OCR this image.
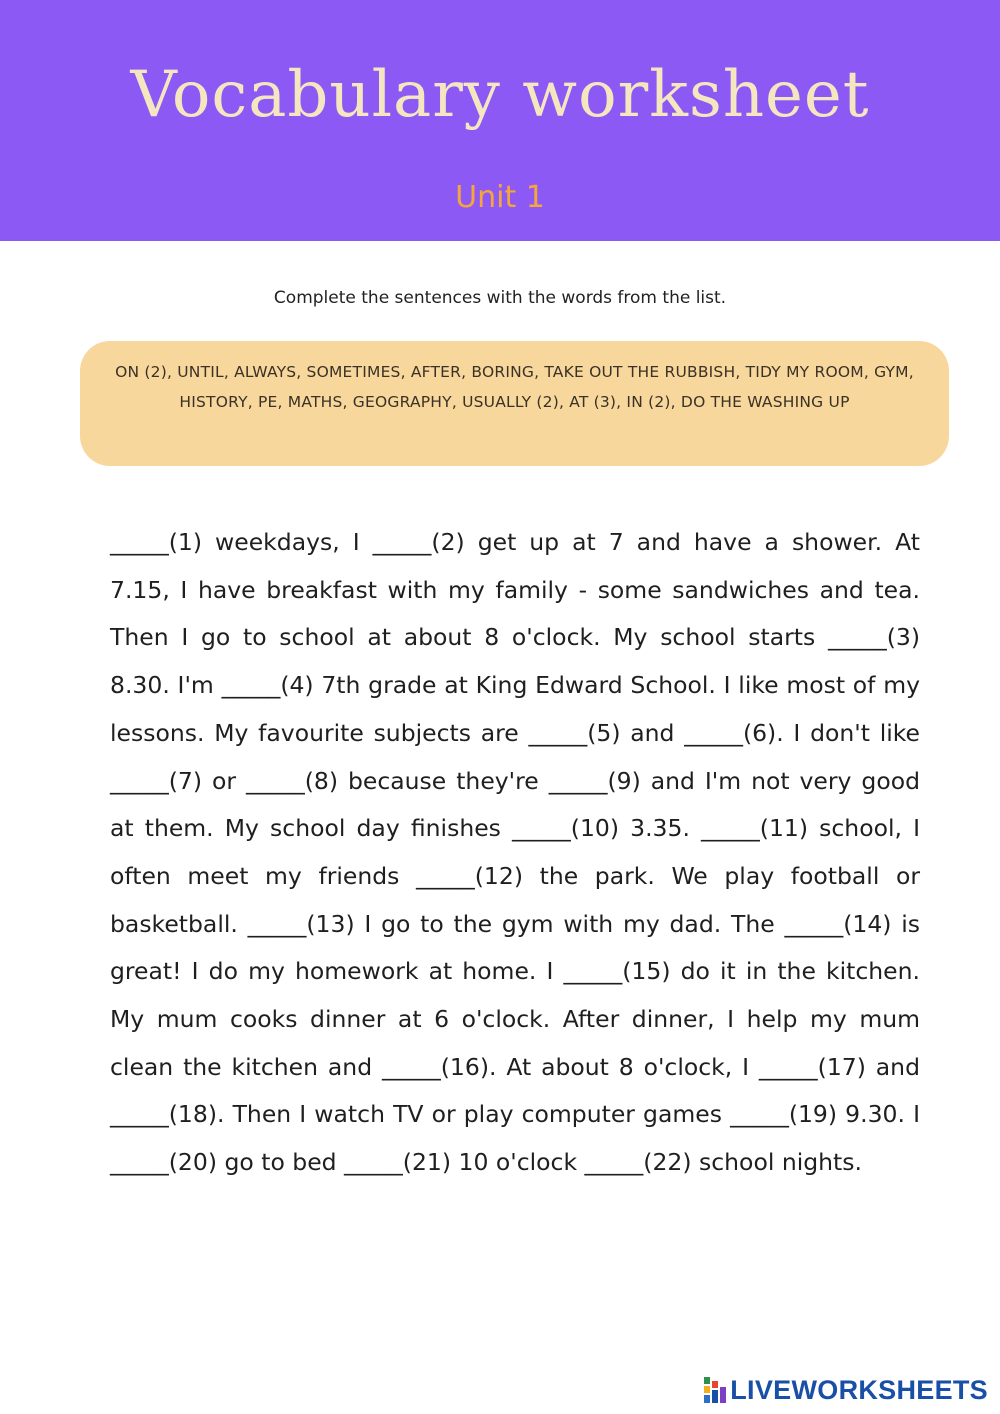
Vocabulary worksheet
Unit 1
Complete the sentences with the words from the list.
ON (2), UNTIL, ALWAYS, SOMETIMES, AFTER, BORING, TAKE OUT THE RUBBISH, TIDY MY ROOM, GYM, HISTORY, PE, MATHS, GEOGRAPHY, USUALLY (2), AT (3), IN (2), DO THE WASHING UP
_____(1) weekdays, I _____(2) get up at 7 and have a shower. At 7.15, I have breakfast with my family - some sandwiches and tea. Then I go to school at about 8 o'clock. My school starts _____(3) 8.30. I'm _____(4) 7th grade at King Edward School. I like most of my lessons. My favourite subjects are _____(5) and _____(6). I don't like _____(7) or _____(8) because they're _____(9) and I'm not very good at them. My school day finishes _____(10) 3.35. _____(11) school, I often meet my friends _____(12) the park. We play football or basketball. _____(13) I go to the gym with my dad. The _____(14) is great! I do my homework at home. I _____(15) do it in the kitchen. My mum cooks dinner at 6 o'clock. After dinner, I help my mum clean the kitchen and _____(16). At about 8 o'clock, I _____(17) and _____(18). Then I watch TV or play computer games _____(19) 9.30. I _____(20) go to bed _____(21) 10 o'clock _____(22) school nights.
LIVEWORKSHEETS
